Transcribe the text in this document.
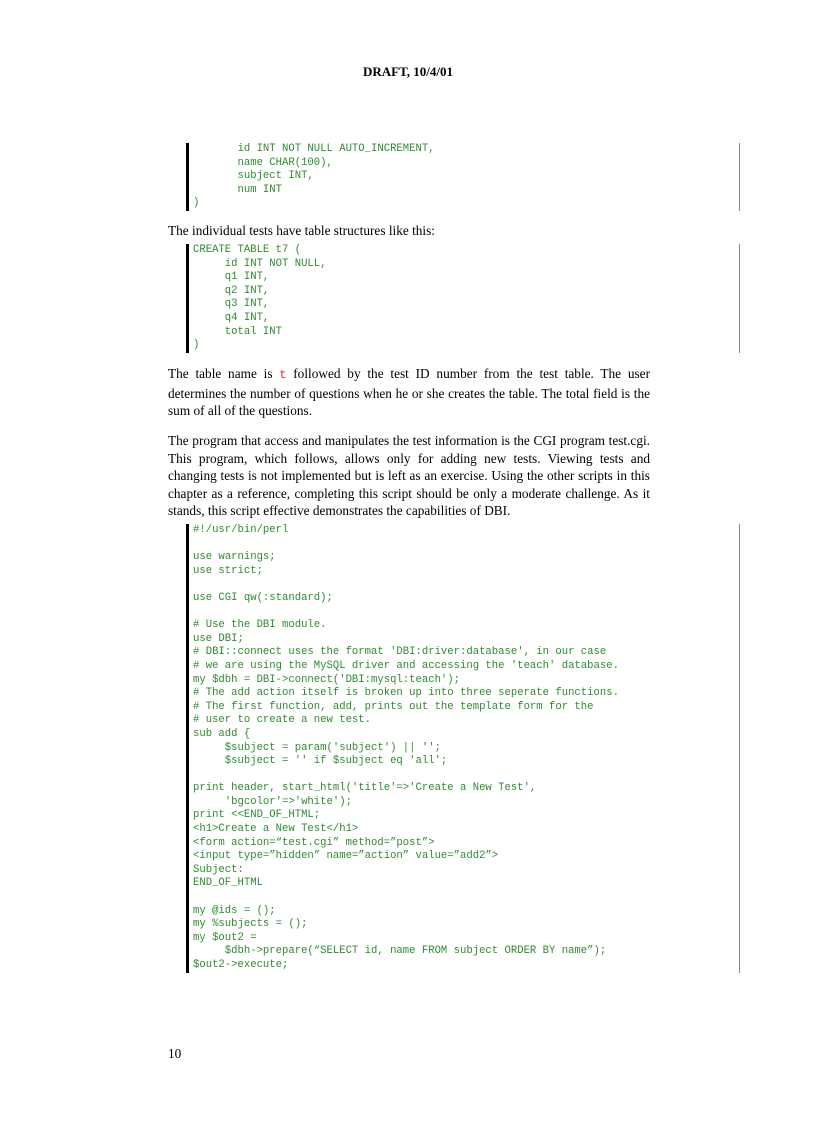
DRAFT, 10/4/01
id INT NOT NULL AUTO_INCREMENT,
name CHAR(100),
subject INT,
num INT
)
The individual tests have table structures like this:
CREATE TABLE t7 (
id INT NOT NULL,
q1 INT,
q2 INT,
q3 INT,
q4 INT,
total INT
)
The table name is t followed by the test ID number from the test table. The user determines the number of questions when he or she creates the table. The total field is the sum of all of the questions.
The program that access and manipulates the test information is the CGI program test.cgi. This program, which follows, allows only for adding new tests. Viewing tests and changing tests is not implemented but is left as an exercise. Using the other scripts in this chapter as a reference, completing this script should be only a moderate challenge. As it stands, this script effective demonstrates the capabilities of DBI.
#!/usr/bin/perl
use warnings;
use strict;
use CGI qw(:standard);
# Use the DBI module.
use DBI;
# DBI::connect uses the format 'DBI:driver:database', in our case
# we are using the MySQL driver and accessing the 'teach' database.
my $dbh = DBI->connect('DBI:mysql:teach');
# The add action itself is broken up into three seperate functions.
# The first function, add, prints out the template form for the
# user to create a new test.
sub add {
$subject = param('subject') || '';
$subject = '' if $subject eq 'all';
print header, start_html('title'=>'Create a New Test',
'bgcolor'=>'white');
print <<END_OF_HTML;
<h1>Create a New Test</h1>
<form action=“test.cgi” method=”post”>
<input type=”hidden” name=”action” value=”add2”>
Subject:
END_OF_HTML
my @ids = ();
my %subjects = ();
my $out2 =
$dbh->prepare(“SELECT id, name FROM subject ORDER BY name”);
$out2->execute;
10
